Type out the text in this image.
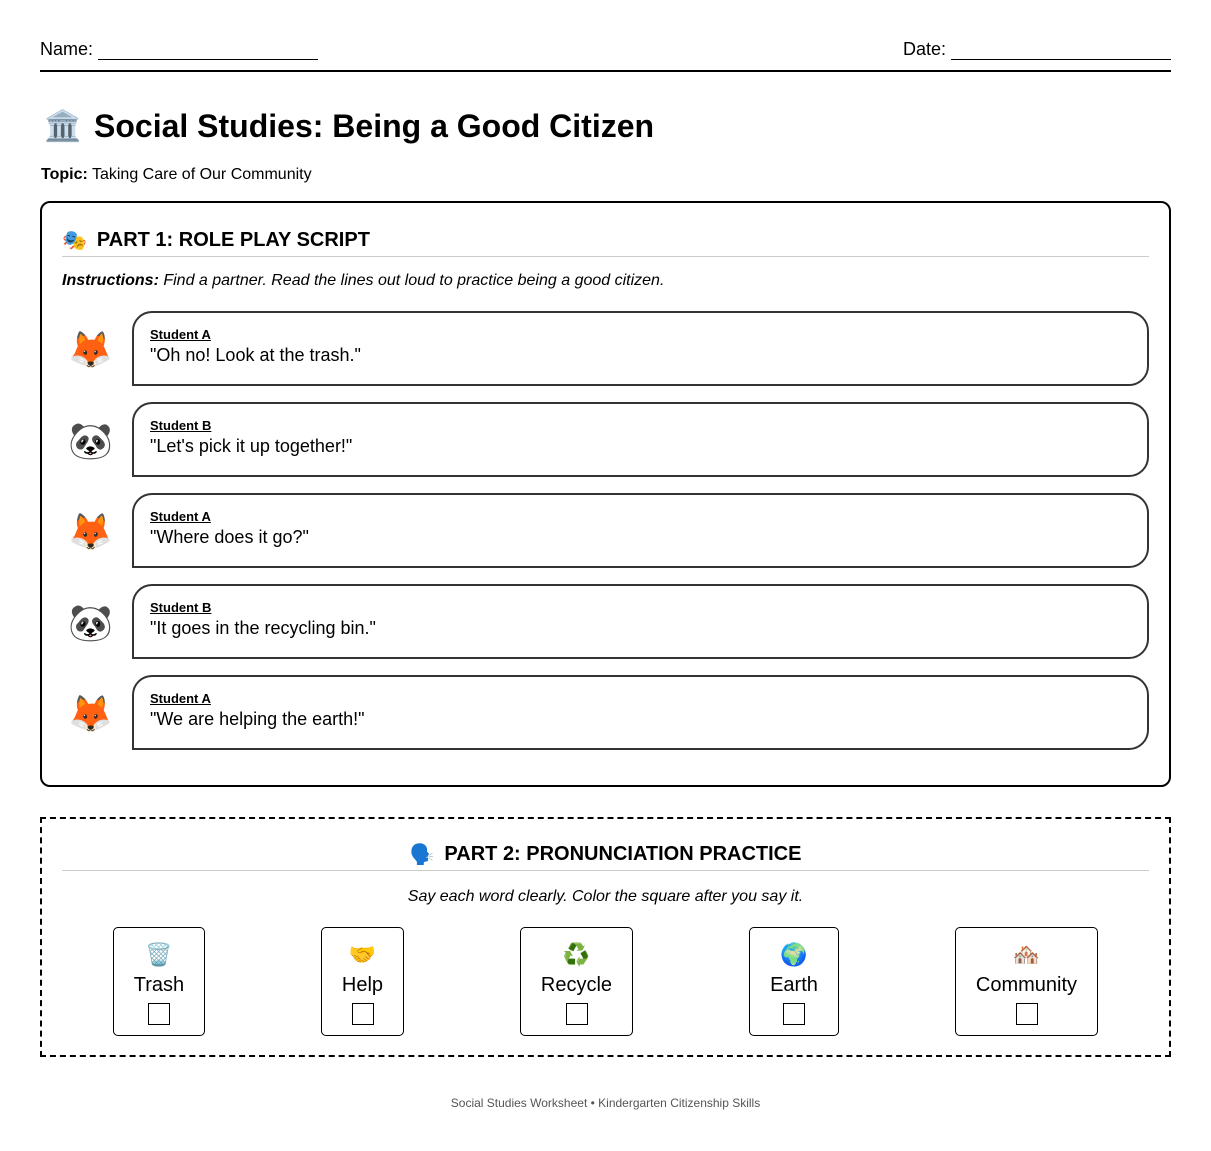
Name:	Date:
🏛️ Social Studies: Being a Good Citizen
Topic: Taking Care of Our Community
🎭 PART 1: ROLE PLAY SCRIPT
Instructions: Find a partner. Read the lines out loud to practice being a good citizen.
🦊	Student A
"Oh no! Look at the trash."
🐼	Student B
"Let's pick it up together!"
🦊	Student A
"Where does it go?"
🐼	Student B
"It goes in the recycling bin."
🦊	Student A
"We are helping the earth!"
🗣️ PART 2: PRONUNCIATION PRACTICE
Say each word clearly. Color the square after you say it.
🗑️
Trash
🤝
Help
♻️
Recycle
🌍
Earth
🏘️
Community
Social Studies Worksheet • Kindergarten Citizenship Skills
